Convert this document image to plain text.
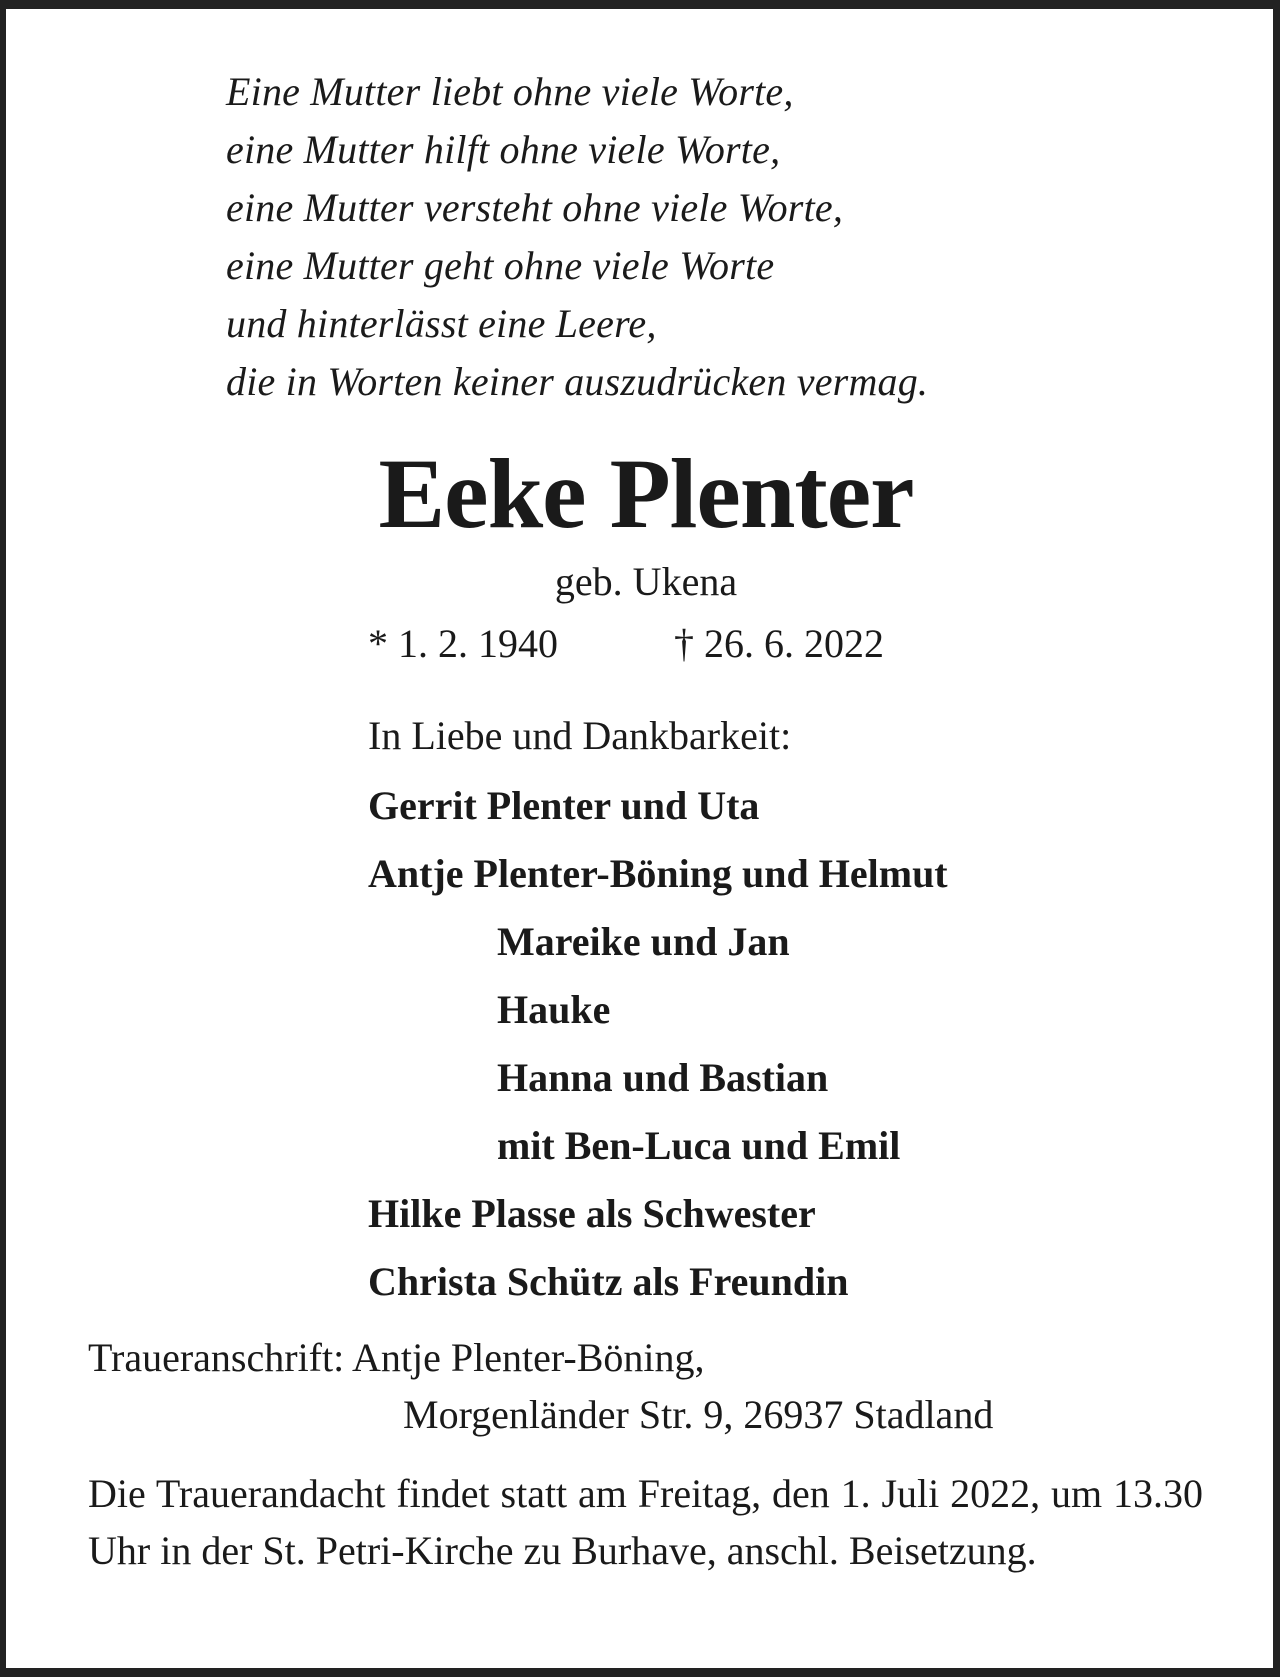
Eine Mutter liebt ohne viele Worte,
eine Mutter hilft ohne viele Worte,
eine Mutter versteht ohne viele Worte,
eine Mutter geht ohne viele Worte
und hinterlässt eine Leere,
die in Worten keiner auszudrücken vermag.
Eeke Plenter
geb. Ukena
* 1. 2. 1940	† 26. 6. 2022
In Liebe und Dankbarkeit:
Gerrit Plenter und Uta
Antje Plenter-Böning und Helmut
Mareike und Jan
Hauke
Hanna und Bastian
mit Ben-Luca und Emil
Hilke Plasse als Schwester
Christa Schütz als Freundin
Traueranschrift: Antje Plenter-Böning,
Morgenländer Str. 9, 26937 Stadland
Die Trauerandacht findet statt am Freitag, den 1. Juli 2022, um 13.30 Uhr in der St. Petri-Kirche zu Burhave, anschl. Beisetzung.
